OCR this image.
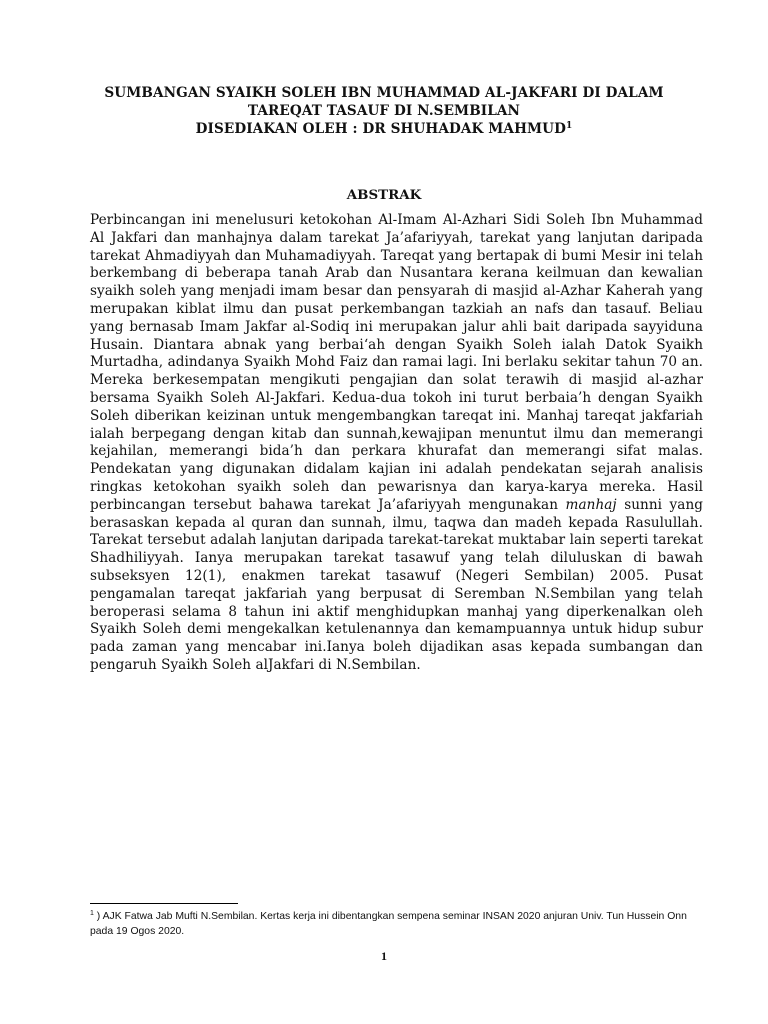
SUMBANGAN SYAIKH SOLEH IBN MUHAMMAD AL-JAKFARI DI DALAM
TAREQAT TASAUF DI N.SEMBILAN
DISEDIAKAN OLEH : DR SHUHADAK MAHMUD$^1$
ABSTRAK
Perbincangan ini menelusuri ketokohan Al-Imam Al-Azhari Sidi Soleh Ibn Muhammad Al Jakfari dan manhajnya dalam tarekat Ja’afariyyah, tarekat yang lanjutan daripada tarekat Ahmadiyyah dan Muhamadiyyah. Tareqat yang bertapak di bumi Mesir ini telah berkembang di beberapa tanah Arab dan Nusantara kerana keilmuan dan kewalian syaikh soleh yang menjadi imam besar dan pensyarah di masjid al-Azhar Kaherah yang merupakan kiblat ilmu dan pusat perkembangan tazkiah an nafs dan tasauf. Beliau yang bernasab Imam Jakfar al-Sodiq ini merupakan jalur ahli bait daripada sayyiduna Husain. Diantara abnak yang berbai‘ah dengan Syaikh Soleh ialah Datok Syaikh Murtadha, adindanya Syaikh Mohd Faiz dan ramai lagi. Ini berlaku sekitar tahun 70 an. Mereka berkesempatan mengikuti pengajian dan solat terawih di masjid al-azhar bersama Syaikh Soleh Al-Jakfari. Kedua-dua tokoh ini turut berbaia’h dengan Syaikh Soleh diberikan keizinan untuk mengembangkan tareqat ini. Manhaj tareqat jakfariah ialah berpegang dengan kitab dan sunnah,kewajipan menuntut ilmu dan memerangi kejahilan, memerangi bida’h dan perkara khurafat dan memerangi sifat malas. Pendekatan yang digunakan didalam kajian ini adalah pendekatan sejarah analisis ringkas ketokohan syaikh soleh dan pewarisnya dan karya-karya mereka. Hasil perbincangan tersebut bahawa tarekat Ja’afariyyah mengunakan manhaj sunni yang berasaskan kepada al quran dan sunnah, ilmu, taqwa dan madeh kepada Rasulullah. Tarekat tersebut adalah lanjutan daripada tarekat-tarekat muktabar lain seperti tarekat Shadhiliyyah. Ianya merupakan tarekat tasawuf yang telah diluluskan di bawah subseksyen 12(1), enakmen tarekat tasawuf (Negeri Sembilan) 2005. Pusat pengamalan tareqat jakfariah yang berpusat di Seremban N.Sembilan yang telah beroperasi selama 8 tahun ini aktif menghidupkan manhaj yang diperkenalkan oleh Syaikh Soleh demi mengekalkan ketulenannya dan kemampuannya untuk hidup subur pada zaman yang mencabar ini.Ianya boleh dijadikan asas kepada sumbangan dan pengaruh Syaikh Soleh alJakfari di N.Sembilan.
$^1$ ) AJK Fatwa Jab Mufti N.Sembilan. Kertas kerja ini dibentangkan sempena seminar INSAN 2020 anjuran Univ. Tun Hussein Onn pada 19 Ogos 2020.
1
